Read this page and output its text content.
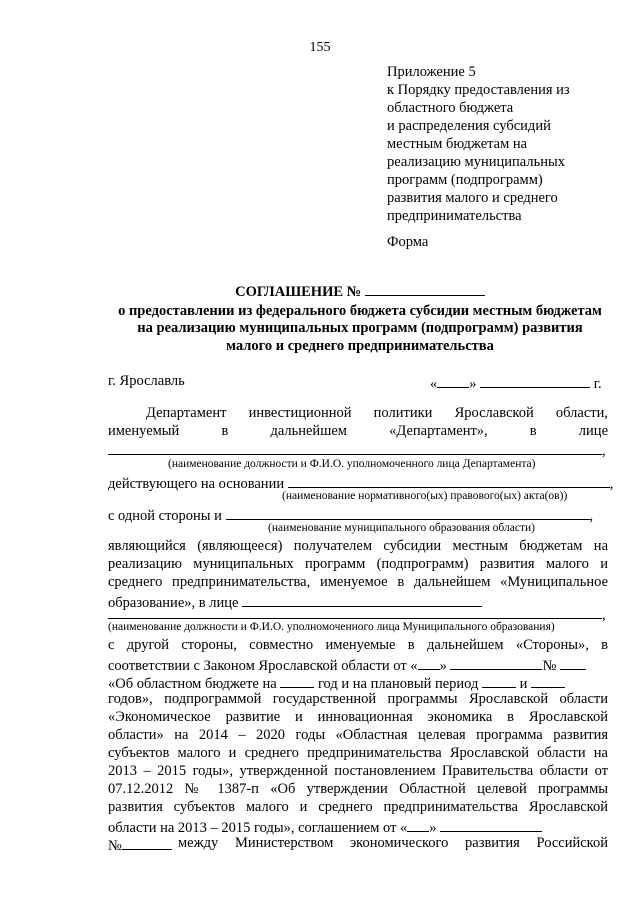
155
Приложение 5
к Порядку предоставления из
областного бюджета
и распределения субсидий
местным бюджетам на
реализацию муниципальных
программ (подпрограмм)
развития малого и среднего
предпринимательства
Форма
СОГЛАШЕНИЕ №
о предоставлении из федерального бюджета субсидии местным бюджетам
на реализацию муниципальных программ (подпрограмм) развития
малого и среднего предпринимательства
г. Ярославль	« »	г.
Департамент инвестиционной политики Ярославской области,
именуемый в дальнейшем «Департамент», в лице
,
(наименование должности и Ф.И.О. уполномоченного лица Департамента)
действующего на основании	,
(наименование нормативного(ых) правового(ых) акта(ов))
с одной стороны и	,
(наименование муниципального образования области)
являющийся (являющееся) получателем субсидии местным бюджетам на
реализацию муниципальных программ (подпрограмм) развития малого и
среднего предпринимательства, именуемое в дальнейшем «Муниципальное
образование», в лице
,
(наименование должности и Ф.И.О. уполномоченного лица Муниципального образования)
с другой стороны, совместно именуемые в дальнейшем «Стороны», в
соответствии с Законом Ярославской области от « »	№
«Об областном бюджете на	год и на плановый период	и
годов», подпрограммой государственной программы Ярославской области
«Экономическое развитие и инновационная экономика в Ярославской
области» на 2014 – 2020 годы «Областная целевая программа развития
субъектов малого и среднего предпринимательства Ярославской области на
2013 – 2015 годы», утвержденной постановлением Правительства области от
07.12.2012 № 1387-п «Об утверждении Областной целевой программы
развития субъектов малого и среднего предпринимательства Ярославской
области на 2013 – 2015 годы», соглашением от « »
№	между Министерством экономического развития Российской
